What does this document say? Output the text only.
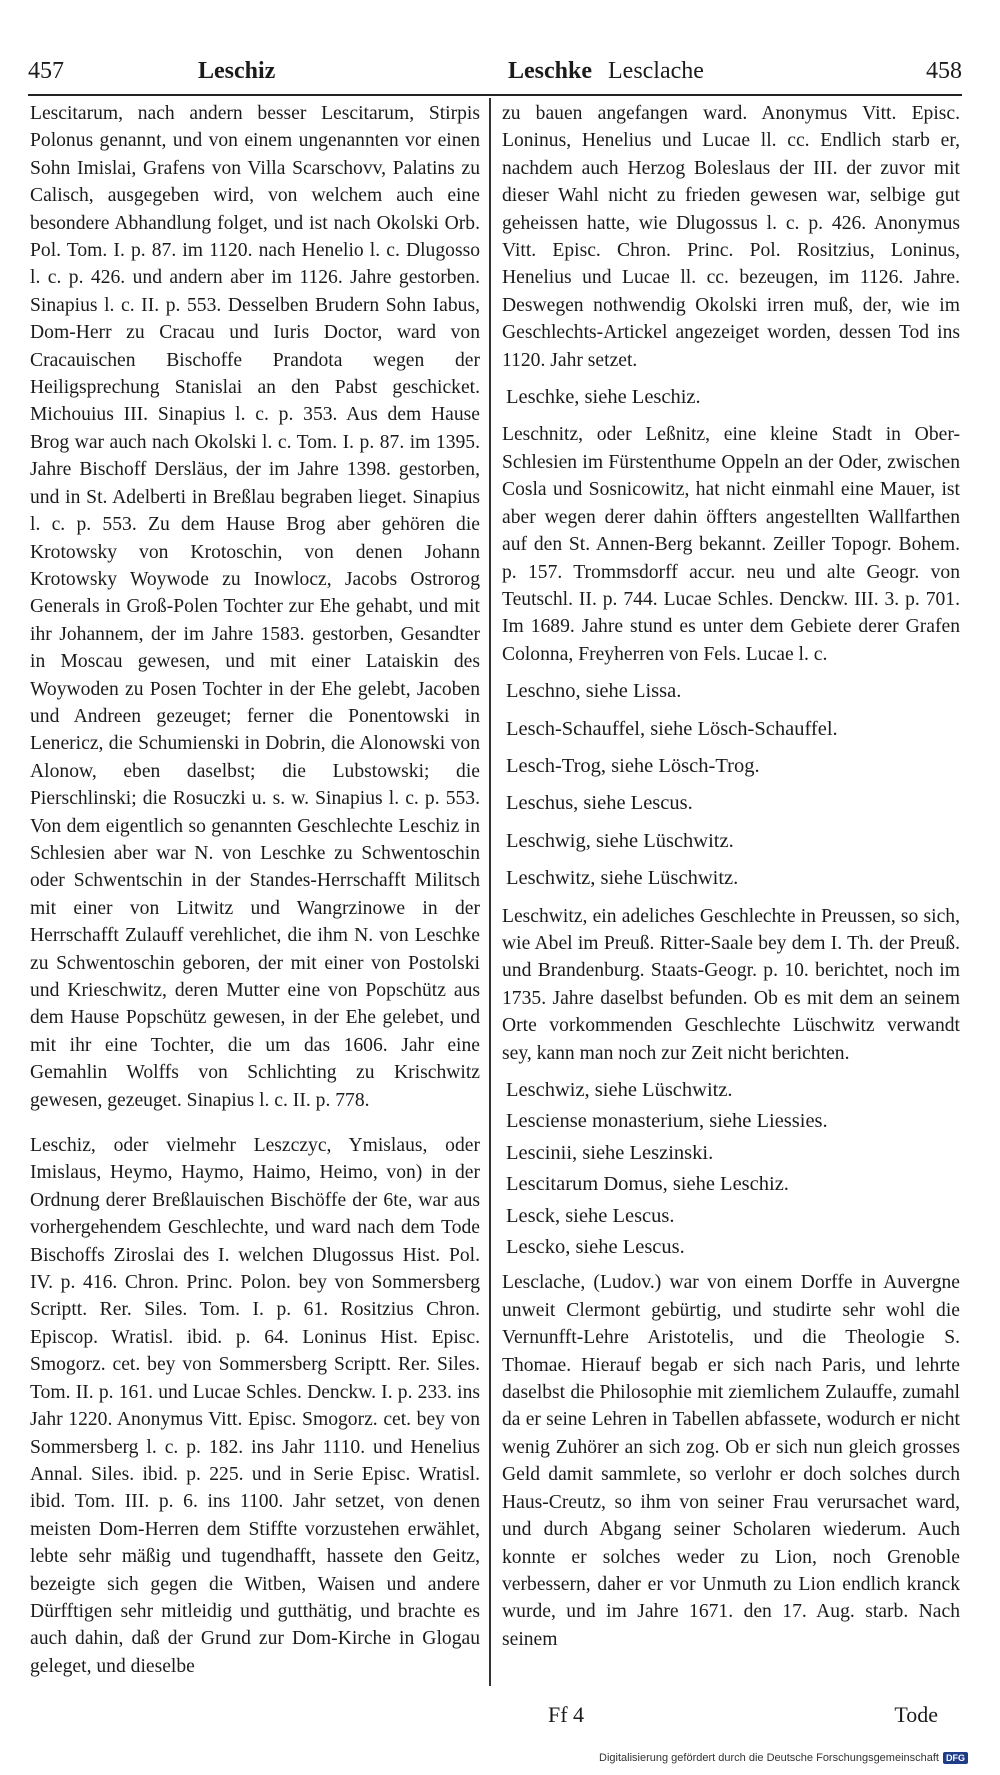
457	Leschiz	Leschke Lesclache	458

Lescitarum, nach andern besser Lescitarum, Stirpis Polonus genannt, und von einem ungenannten vor einen Sohn Imislai, Grafens von Villa Scarschovv, Palatins zu Calisch, ausgegeben wird, von welchem auch eine besondere Abhandlung folget, und ist nach Okolski Orb. Pol. Tom. I. p. 87. im 1120. nach Henelio l. c. Dlugosso l. c. p. 426. und andern aber im 1126. Jahre gestorben. Sinapius l. c. II. p. 553. Desselben Brudern Sohn Iabus, Dom-Herr zu Cracau und Iuris Doctor, ward von Cracauischen Bischoffe Prandota wegen der Heiligsprechung Stanislai an den Pabst geschicket. Michouius III. Sinapius l. c. p. 353. Aus dem Hause Brog war auch nach Okolski l. c. Tom. I. p. 87. im 1395. Jahre Bischoff Dersläus, der im Jahre 1398. gestorben, und in St. Adelberti in Breßlau begraben lieget. Sinapius l. c. p. 553. Zu dem Hause Brog aber gehören die Krotowsky von Krotoschin, von denen Johann Krotowsky Woywode zu Inowlocz, Jacobs Ostrorog Generals in Groß-Polen Tochter zur Ehe gehabt, und mit ihr Johannem, der im Jahre 1583. gestorben, Gesandter in Moscau gewesen, und mit einer Lataiskin des Woywoden zu Posen Tochter in der Ehe gelebt, Jacoben und Andreen gezeuget; ferner die Ponentowski in Lenericz, die Schumienski in Dobrin, die Alonowski von Alonow, eben daselbst; die Lubstowski; die Pierschlinski; die Rosuczki u. s. w. Sinapius l. c. p. 553. Von dem eigentlich so genannten Geschlechte Leschiz in Schlesien aber war N. von Leschke zu Schwentoschin oder Schwentschin in der Standes-Herrschafft Militsch mit einer von Litwitz und Wangrzinowe in der Herrschafft Zulauff verehlichet, die ihm N. von Leschke zu Schwentoschin geboren, der mit einer von Postolski und Krieschwitz, deren Mutter eine von Popschütz aus dem Hause Popschütz gewesen, in der Ehe gelebet, und mit ihr eine Tochter, die um das 1606. Jahr eine Gemahlin Wolffs von Schlichting zu Krischwitz gewesen, gezeuget. Sinapius l. c. II. p. 778.

Leschiz, oder vielmehr Leszczyc, Ymislaus, oder Imislaus, Heymo, Haymo, Haimo, Heimo, von) in der Ordnung derer Breßlauischen Bischöffe der 6te, war aus vorhergehendem Geschlechte, und ward nach dem Tode Bischoffs Ziroslai des I. welchen Dlugossus Hist. Pol. IV. p. 416. Chron. Princ. Polon. bey von Sommersberg Scriptt. Rer. Siles. Tom. I. p. 61. Rositzius Chron. Episcop. Wratisl. ibid. p. 64. Loninus Hist. Episc. Smogorz. cet. bey von Sommersberg Scriptt. Rer. Siles. Tom. II. p. 161. und Lucae Schles. Denckw. I. p. 233. ins Jahr 1220. Anonymus Vitt. Episc. Smogorz. cet. bey von Sommersberg l. c. p. 182. ins Jahr 1110. und Henelius Annal. Siles. ibid. p. 225. und in Serie Episc. Wratisl. ibid. Tom. III. p. 6. ins 1100. Jahr setzet, von denen meisten Dom-Herren dem Stiffte vorzustehen erwählet, lebte sehr mäßig und tugendhafft, hassete den Geitz, bezeigte sich gegen die Witben, Waisen und andere Dürfftigen sehr mitleidig und gutthätig, und brachte es auch dahin, daß der Grund zur Dom-Kirche in Glogau geleget, und dieselbe

zu bauen angefangen ward. Anonymus Vitt. Episc. Loninus, Henelius und Lucae ll. cc. Endlich starb er, nachdem auch Herzog Boleslaus der III. der zuvor mit dieser Wahl nicht zu frieden gewesen war, selbige gut geheissen hatte, wie Dlugossus l. c. p. 426. Anonymus Vitt. Episc. Chron. Princ. Pol. Rositzius, Loninus, Henelius und Lucae ll. cc. bezeugen, im 1126. Jahre. Deswegen nothwendig Okolski irren muß, der, wie im Geschlechts-Artickel angezeiget worden, dessen Tod ins 1120. Jahr setzet.

Leschke, siehe Leschiz.

Leschnitz, oder Leßnitz, eine kleine Stadt in Ober-Schlesien im Fürstenthume Oppeln an der Oder, zwischen Cosla und Sosnicowitz, hat nicht einmahl eine Mauer, ist aber wegen derer dahin öffters angestellten Wallfarthen auf den St. Annen-Berg bekannt. Zeiller Topogr. Bohem. p. 157. Trommsdorff accur. neu und alte Geogr. von Teutschl. II. p. 744. Lucae Schles. Denckw. III. 3. p. 701. Im 1689. Jahre stund es unter dem Gebiete derer Grafen Colonna, Freyherren von Fels. Lucae l. c.

Leschno, siehe Lissa.

Lesch-Schauffel, siehe Lösch-Schauffel.

Lesch-Trog, siehe Lösch-Trog.

Leschus, siehe Lescus.

Leschwig, siehe Lüschwitz.

Leschwitz, siehe Lüschwitz.

Leschwitz, ein adeliches Geschlechte in Preussen, so sich, wie Abel im Preuß. Ritter-Saale bey dem I. Th. der Preuß. und Brandenburg. Staats-Geogr. p. 10. berichtet, noch im 1735. Jahre daselbst befunden. Ob es mit dem an seinem Orte vorkommenden Geschlechte Lüschwitz verwandt sey, kann man noch zur Zeit nicht berichten.

Leschwiz, siehe Lüschwitz.

Lesciense monasterium, siehe Liessies.

Lescinii, siehe Leszinski.

Lescitarum Domus, siehe Leschiz.

Lesck, siehe Lescus.

Lescko, siehe Lescus.

Lesclache, (Ludov.) war von einem Dorffe in Auvergne unweit Clermont gebürtig, und studirte sehr wohl die Vernunfft-Lehre Aristotelis, und die Theologie S. Thomae. Hierauf begab er sich nach Paris, und lehrte daselbst die Philosophie mit ziemlichem Zulauffe, zumahl da er seine Lehren in Tabellen abfassete, wodurch er nicht wenig Zuhörer an sich zog. Ob er sich nun gleich grosses Geld damit sammlete, so verlohr er doch solches durch Haus-Creutz, so ihm von seiner Frau verursachet ward, und durch Abgang seiner Scholaren wiederum. Auch konnte er solches weder zu Lion, noch Grenoble verbessern, daher er vor Unmuth zu Lion endlich kranck wurde, und im Jahre 1671. den 17. Aug. starb. Nach seinem

Ff 4	Tode
Digitalisierung gefördert durch die Deutsche Forschungsgemeinschaft DFG
